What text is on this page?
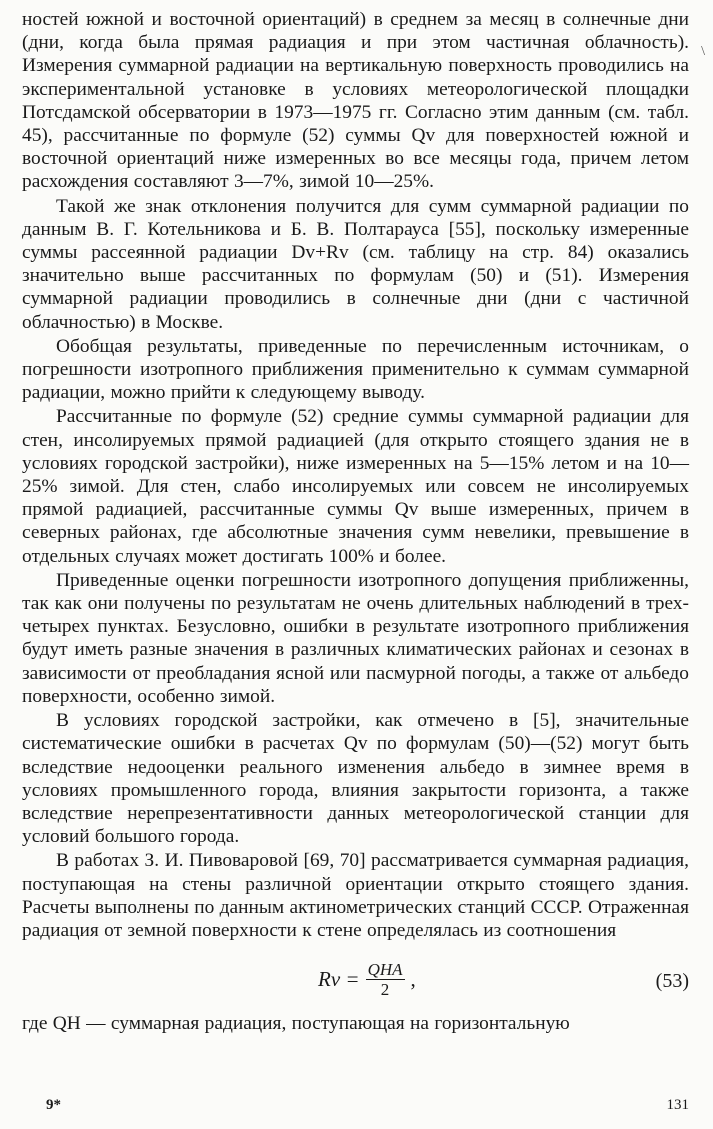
\

ностей южной и восточной ориентаций) в среднем за месяц в солнечные дни (дни, когда была прямая радиация и при этом частичная облачность). Измерения суммарной радиации на вертикальную поверхность проводились на экспериментальной установке в условиях метеорологической площадки Потсдамской обсерватории в 1973—1975 гг. Согласно этим данным (см. табл. 45), рассчитанные по формуле (52) суммы Qv для поверхностей южной и восточной ориентаций ниже измеренных во все месяцы года, причем летом расхождения составляют 3—7%, зимой 10—25%.

Такой же знак отклонения получится для сумм суммарной радиации по данным В. Г. Котельникова и Б. В. Полтарауса [55], поскольку измеренные суммы рассеянной радиации Dv+Rv (см. таблицу на стр. 84) оказались значительно выше рассчитанных по формулам (50) и (51). Измерения суммарной радиации проводились в солнечные дни (дни с частичной облачностью) в Москве.

Обобщая результаты, приведенные по перечисленным источникам, о погрешности изотропного приближения применительно к суммам суммарной радиации, можно прийти к следующему выводу.

Рассчитанные по формуле (52) средние суммы суммарной радиации для стен, инсолируемых прямой радиацией (для открыто стоящего здания не в условиях городской застройки), ниже измеренных на 5—15% летом и на 10—25% зимой. Для стен, слабо инсолируемых или совсем не инсолируемых прямой радиацией, рассчитанные суммы Qv выше измеренных, причем в северных районах, где абсолютные значения сумм невелики, превышение в отдельных случаях может достигать 100% и более.

Приведенные оценки погрешности изотропного допущения приближенны, так как они получены по результатам не очень длительных наблюдений в трех-четырех пунктах. Безусловно, ошибки в результате изотропного приближения будут иметь разные значения в различных климатических районах и сезонах в зависимости от преобладания ясной или пасмурной погоды, а также от альбедо поверхности, особенно зимой.

В условиях городской застройки, как отмечено в [5], значительные систематические ошибки в расчетах Qv по формулам (50)—(52) могут быть вследствие недооценки реального изменения альбедо в зимнее время в условиях промышленного города, влияния закрытости горизонта, а также вследствие нерепрезентативности данных метеорологической станции для условий большого города.

В работах З. И. Пивоваровой [69, 70] рассматривается суммарная радиация, поступающая на стены различной ориентации открыто стоящего здания. Расчеты выполнены по данным актинометрических станций СССР. Отраженная радиация от земной поверхности к стене определялась из соотношения

$Rv = \frac{\text{QHA}}{2}$ ,	(53)

где QH — суммарная радиация, поступающая на горизонтальную

9*	131
